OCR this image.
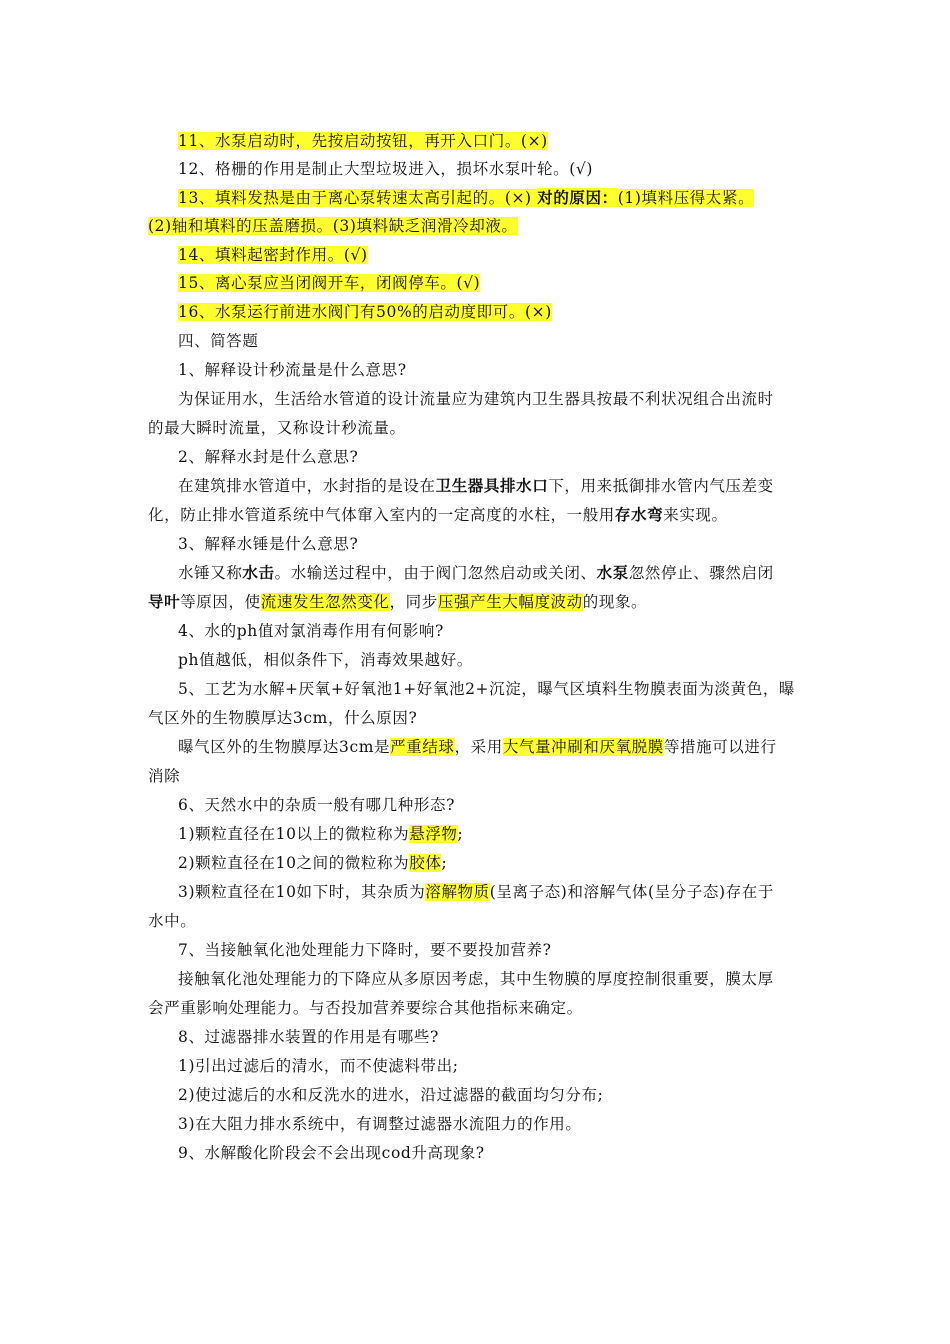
11、水泵启动时，先按启动按钮，再开入口门。(×)
12、格栅的作用是制止大型垃圾进入，损坏水泵叶轮。(√)
13、填料发热是由于离心泵转速太高引起的。(×) 对的原因：(1)填料压得太紧。
(2)轴和填料的压盖磨损。(3)填料缺乏润滑冷却液。
14、填料起密封作用。(√)
15、离心泵应当闭阀开车，闭阀停车。(√)
16、水泵运行前进水阀门有50%的启动度即可。(×)
四、简答题
1、解释设计秒流量是什么意思?
为保证用水，生活给水管道的设计流量应为建筑内卫生器具按最不利状况组合出流时
的最大瞬时流量，又称设计秒流量。
2、解释水封是什么意思?
在建筑排水管道中，水封指的是设在卫生器具排水口下，用来抵御排水管内气压差变
化，防止排水管道系统中气体窜入室内的一定高度的水柱，一般用存水弯来实现。
3、解释水锤是什么意思?
水锤又称水击。水输送过程中，由于阀门忽然启动或关闭、水泵忽然停止、骤然启闭
导叶等原因，使流速发生忽然变化，同步压强产生大幅度波动的现象。
4、水的ph值对氯消毒作用有何影响?
ph值越低，相似条件下，消毒效果越好。
5、工艺为水解+厌氧+好氧池1+好氧池2+沉淀，曝气区填料生物膜表面为淡黄色，曝
气区外的生物膜厚达3cm，什么原因?
曝气区外的生物膜厚达3cm是严重结球，采用大气量冲刷和厌氧脱膜等措施可以进行
消除
6、天然水中的杂质一般有哪几种形态?
1)颗粒直径在10以上的微粒称为悬浮物;
2)颗粒直径在10之间的微粒称为胶体;
3)颗粒直径在10如下时，其杂质为溶解物质(呈离子态)和溶解气体(呈分子态)存在于
水中。
7、当接触氧化池处理能力下降时，要不要投加营养?
接触氧化池处理能力的下降应从多原因考虑，其中生物膜的厚度控制很重要，膜太厚
会严重影响处理能力。与否投加营养要综合其他指标来确定。
8、过滤器排水装置的作用是有哪些?
1)引出过滤后的清水，而不使滤料带出;
2)使过滤后的水和反洗水的进水，沿过滤器的截面均匀分布;
3)在大阻力排水系统中，有调整过滤器水流阻力的作用。
9、水解酸化阶段会不会出现cod升高现象?
